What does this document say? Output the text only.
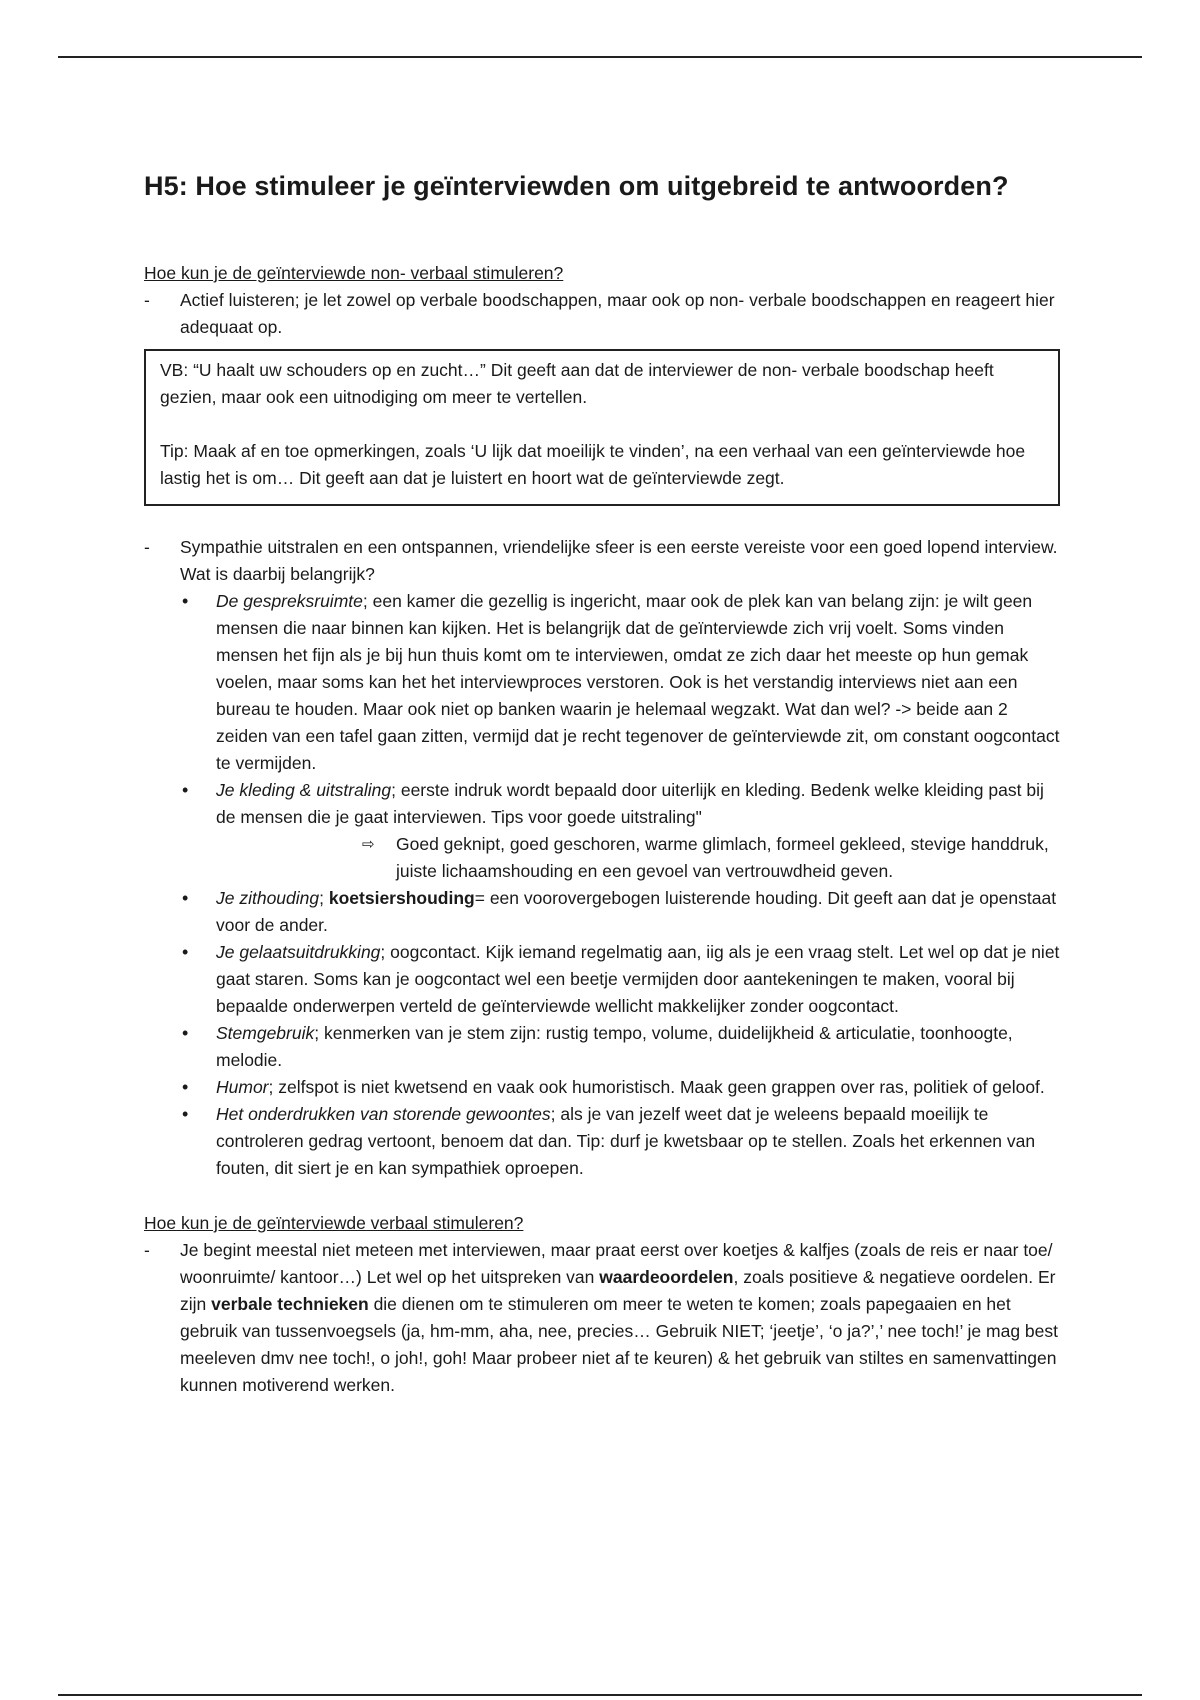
H5: Hoe stimuleer je geïnterviewden om uitgebreid te antwoorden?

Hoe kun je de geïnterviewde non- verbaal stimuleren?

- Actief luisteren; je let zowel op verbale boodschappen, maar ook op non- verbale boodschappen en reageert hier adequaat op.

VB: “U haalt uw schouders op en zucht…” Dit geeft aan dat de interviewer de non- verbale boodschap heeft gezien, maar ook een uitnodiging om meer te vertellen.

Tip: Maak af en toe opmerkingen, zoals ‘U lijk dat moeilijk te vinden’, na een verhaal van een geïnterviewde hoe lastig het is om… Dit geeft aan dat je luistert en hoort wat de geïnterviewde zegt.

- Sympathie uitstralen en een ontspannen, vriendelijke sfeer is een eerste vereiste voor een goed lopend interview. Wat is daarbij belangrijk?
• De gespreksruimte; een kamer die gezellig is ingericht, maar ook de plek kan van belang zijn: je wilt geen mensen die naar binnen kan kijken. Het is belangrijk dat de geïnterviewde zich vrij voelt. Soms vinden mensen het fijn als je bij hun thuis komt om te interviewen, omdat ze zich daar het meeste op hun gemak voelen, maar soms kan het het interviewproces verstoren. Ook is het verstandig interviews niet aan een bureau te houden. Maar ook niet op banken waarin je helemaal wegzakt. Wat dan wel? -> beide aan 2 zeiden van een tafel gaan zitten, vermijd dat je recht tegenover de geïnterviewde zit, om constant oogcontact te vermijden.
• Je kleding & uitstraling; eerste indruk wordt bepaald door uiterlijk en kleding. Bedenk welke kleiding past bij de mensen die je gaat interviewen. Tips voor goede uitstraling"

⇨ Goed geknipt, goed geschoren, warme glimlach, formeel gekleed, stevige handdruk, juiste lichaamshouding en een gevoel van vertrouwdheid geven.

• Je zithouding; koetsiershouding= een voorovergebogen luisterende houding. Dit geeft aan dat je openstaat voor de ander.
• Je gelaatsuitdrukking; oogcontact. Kijk iemand regelmatig aan, iig als je een vraag stelt. Let wel op dat je niet gaat staren. Soms kan je oogcontact wel een beetje vermijden door aantekeningen te maken, vooral bij bepaalde onderwerpen verteld de geïnterviewde wellicht makkelijker zonder oogcontact.
• Stemgebruik; kenmerken van je stem zijn: rustig tempo, volume, duidelijkheid & articulatie, toonhoogte, melodie.
• Humor; zelfspot is niet kwetsend en vaak ook humoristisch. Maak geen grappen over ras, politiek of geloof.
• Het onderdrukken van storende gewoontes; als je van jezelf weet dat je weleens bepaald moeilijk te controleren gedrag vertoont, benoem dat dan. Tip: durf je kwetsbaar op te stellen. Zoals het erkennen van fouten, dit siert je en kan sympathiek oproepen.

Hoe kun je de geïnterviewde verbaal stimuleren?

- Je begint meestal niet meteen met interviewen, maar praat eerst over koetjes & kalfjes (zoals de reis er naar toe/ woonruimte/ kantoor…) Let wel op het uitspreken van waardeoordelen, zoals positieve & negatieve oordelen. Er zijn verbale technieken die dienen om te stimuleren om meer te weten te komen; zoals papegaaien en het gebruik van tussenvoegsels (ja, hm-mm, aha, nee, precies… Gebruik NIET; ‘jeetje’, ‘o ja?’,’ nee toch!’ je mag best meeleven dmv nee toch!, o joh!, goh! Maar probeer niet af te keuren) & het gebruik van stiltes en samenvattingen kunnen motiverend werken.
